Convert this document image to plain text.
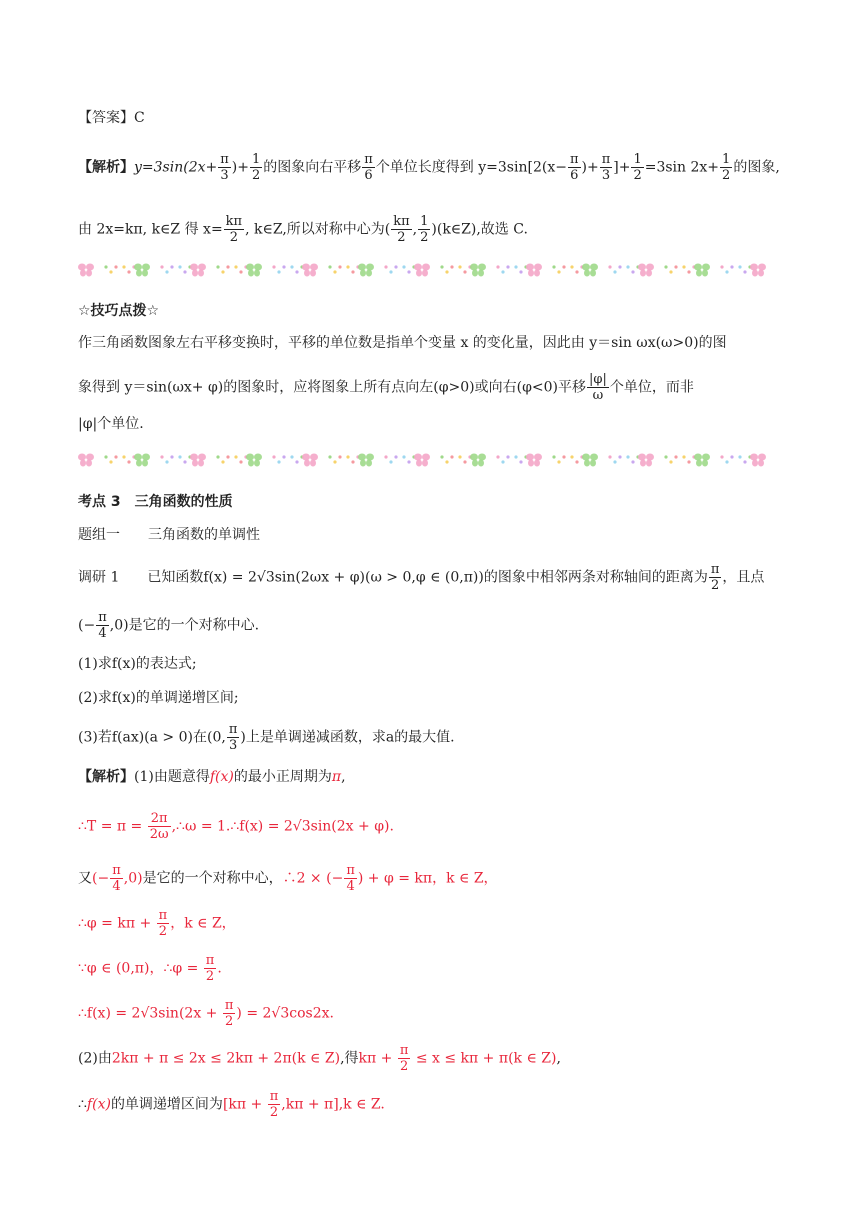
【答案】C
【解析】$y=3\sin(2x+ \frac{\pi}{3}$ )+ $\frac{1}{2}$ 的图象向右平移 $\frac{\pi}{6}$ 个单位长度得到 $y=3\sin[2(x- \frac{\pi}{6}$ )+ $\frac{\pi}{3}$ ]+ $\frac{1}{2} =3\sin$ $2x+ \frac{1}{2}$ 的图象,
由 2x=kπ, k∈Z 得 $x= \frac{k\pi}{2}$ , k∈Z,所以对称中心为( $\frac{k\pi}{2}$ , $\frac{1}{2}$ )(k∈Z),故选 C.
☆技巧点拨☆
作三角函数图象左右平移变换时，平移的单位数是指单个变量 x 的变化量，因此由 y＝sin ωx(ω>0)的图
象得到 y＝sin(ωx+ φ)的图象时，应将图象上所有点向左(φ>0)或向右(φ<0)平移 $\frac{|\varphi|}{\omega}$ 个单位，而非
|φ|个单位.
考点 3　三角函数的性质
题组一　　三角函数的单调性
调研 1　　已知函数f(x) = 2√3sin(2ωx + φ)(ω > 0,φ ∈ (0,π))的图象中相邻两条对称轴间的距离为 $\frac{\pi}{2}$ ，且点
(− $\frac{\pi}{4} ,0$)是它的一个对称中心.
(1)求f(x)的表达式;
(2)求f(x)的单调递增区间;
(3)若f(ax)(a > 0)在(0, $\frac{\pi}{3}$ )上是单调递减函数，求a的最大值.
【解析】(1)由题意得f(x)的最小正周期为π,
∴T = $\pi = \frac{2\pi}{2\omega}$ ,∴ω = 1.∴f(x) = 2√3sin(2x + φ).
又(− $\frac{\pi}{4} ,0$)是它的一个对称中心，∴2 × (− $\frac{\pi}{4}$ ) + φ = kπ，k ∈ Z，
∴φ = $k\pi + \frac{\pi}{2}$ ，k ∈ Z，
∵φ ∈ (0,π)，∴φ = $\frac{\pi}{2}$ .
∴f(x) = $2√3\sin(2x + \frac{\pi}{2}$ ) = 2√3cos2x.
(2)由2kπ + π ≤ 2x ≤ 2kπ + 2π(k ∈ Z),得$k\pi + \frac{\pi}{2} \le x \le k\pi + \pi(k$ ∈ Z),
∴f(x)的单调递增区间为$[k\pi + \frac{\pi}{2} ,k\pi + \pi],k$ ∈ Z.
